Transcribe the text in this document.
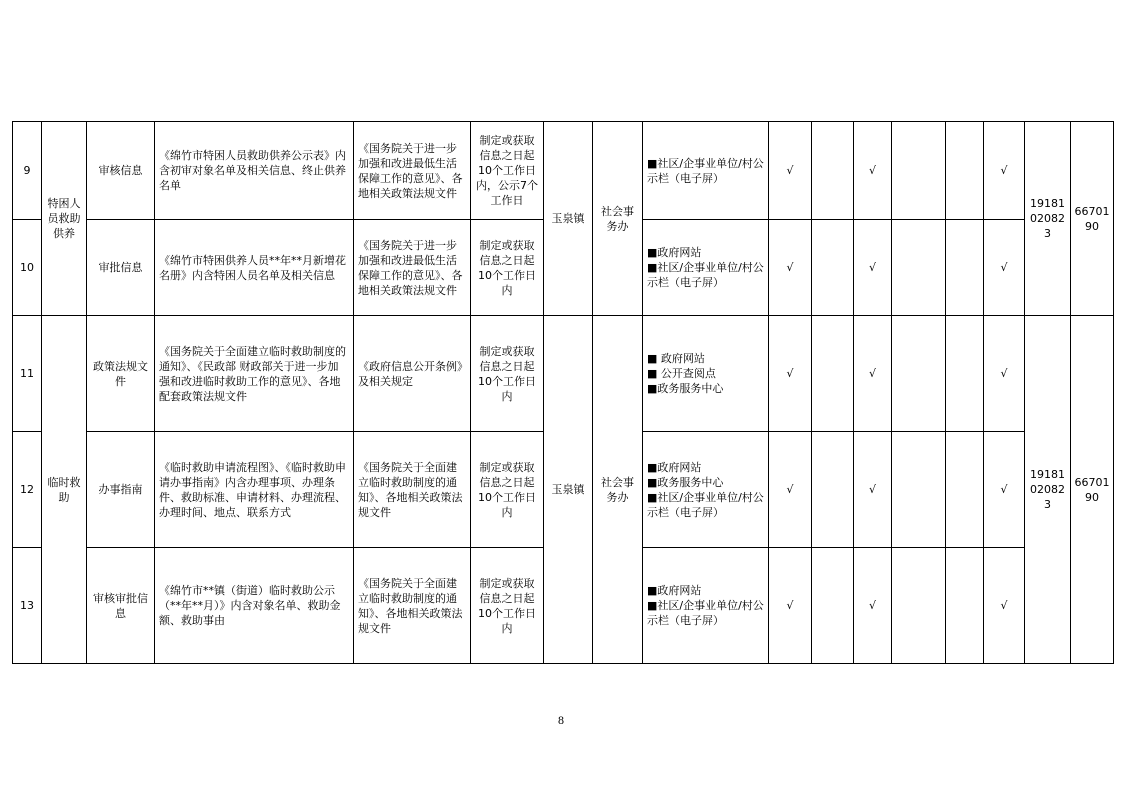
9	特困人员救助供养	审核信息	《绵竹市特困人员救助供养公示表》内含初审对象名单及相关信息、终止供养名单	《国务院关于进一步加强和改进最低生活保障工作的意见》、各地相关政策法规文件	制定或获取信息之日起10个工作日内，公示7个工作日	玉泉镇	社会事务办	■社区/企事业单位/村公示栏（电子屏）	√		√			√	19181020823	6670190
10		审批信息	《绵竹市特困供养人员**年**月新增花名册》内含特困人员名单及相关信息	《国务院关于进一步加强和改进最低生活保障工作的意见》、各地相关政策法规文件	制定或获取信息之日起10个工作日内			■政府网站
■社区/企事业单位/村公示栏（电子屏）	√		√			√		
11	临时救助	政策法规文件	《国务院关于全面建立临时救助制度的通知》、《民政部 财政部关于进一步加强和改进临时救助工作的意见》、各地配套政策法规文件	《政府信息公开条例》及相关规定	制定或获取信息之日起10个工作日内	玉泉镇	社会事务办	■ 政府网站
■ 公开查阅点
■政务服务中心	√		√			√	19181020823	6670190
12		办事指南	《临时救助申请流程图》、《临时救助申请办事指南》内含办理事项、办理条件、救助标准、申请材料、办理流程、办理时间、地点、联系方式	《国务院关于全面建立临时救助制度的通知》、各地相关政策法规文件	制定或获取信息之日起10个工作日内			■政府网站
■政务服务中心
■社区/企事业单位/村公示栏（电子屏）	√		√			√		
13		审核审批信息	《绵竹市**镇（街道）临时救助公示（**年**月）》内含对象名单、救助金额、救助事由	《国务院关于全面建立临时救助制度的通知》、各地相关政策法规文件	制定或获取信息之日起10个工作日内			■政府网站
■社区/企事业单位/村公示栏（电子屏）	√		√			√		
8
